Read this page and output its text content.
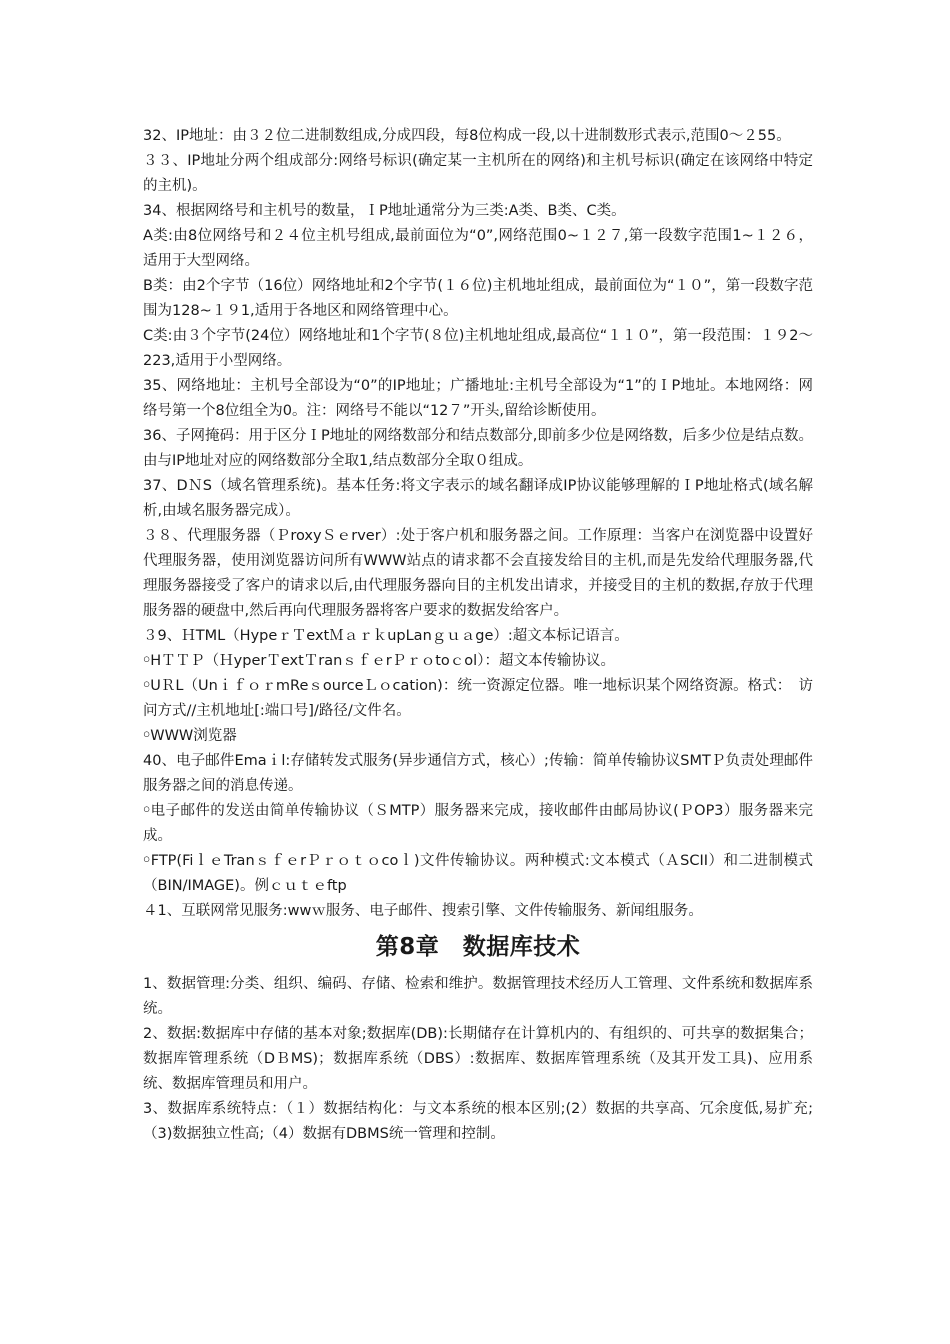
32、IP地址：由３２位二进制数组成,分成四段，每8位构成一段,以十进制数形式表示,范围0～２55。

３３、IP地址分两个组成部分:网络号标识(确定某一主机所在的网络)和主机号标识(确定在该网络中特定的主机)。

34、根据网络号和主机号的数量，ＩP地址通常分为三类:A类、B类、C类。

A类:由8位网络号和２４位主机号组成,最前面位为“0”,网络范围0~１２７,第一段数字范围1~１２６，适用于大型网络。

B类：由2个字节（16位）网络地址和2个字节(１６位)主机地址组成，最前面位为“１０”，第一段数字范围为128~１９1,适用于各地区和网络管理中心。

C类:由３个字节(24位）网络地址和1个字节(８位)主机地址组成,最高位“１１０”，第一段范围：１９2～223,适用于小型网络。

35、网络地址：主机号全部设为“0”的IP地址；广播地址:主机号全部设为“1”的ＩP地址。本地网络：网络号第一个8位组全为0。注：网络号不能以“12７”开头,留给诊断使用。

36、子网掩码：用于区分ＩP地址的网络数部分和结点数部分,即前多少位是网络数，后多少位是结点数。由与IP地址对应的网络数部分全取1,结点数部分全取０组成。

37、DＮS（域名管理系统)。基本任务:将文字表示的域名翻译成IP协议能够理解的ＩP地址格式(域名解析,由域名服务器完成）。

３８、代理服务器（ＰroxyＳｅrver）:处于客户机和服务器之间。工作原理：当客户在浏览器中设置好代理服务器，使用浏览器访问所有WWW站点的请求都不会直接发给目的主机,而是先发给代理服务器,代理服务器接受了客户的请求以后,由代理服务器向目的主机发出请求，并接受目的主机的数据,存放于代理服务器的硬盘中,然后再向代理服务器将客户要求的数据发给客户。

３9、ＨTML（HypeｒＴextＭａｒｋupLanｇｕａge）:超文本标记语言。

￮HＴＴＰ（ＨyperＴextＴranｓｆｅrＰｒｏtoｃol）：超文本传输协议。

￮UＲL（UnｉｆｏｒmReｓourceＬｏcation)：统一资源定位器。唯一地标识某个网络资源。格式：　访问方式//主机地址[:端口号]/路径/文件名。

￮WWW浏览器

40、电子邮件Emaｉl:存储转发式服务(异步通信方式，核心）;传输：简单传输协议SMTＰ负责处理邮件服务器之间的消息传递。

￮电子邮件的发送由简单传输协议（ＳMTP）服务器来完成，接收邮件由邮局协议(ＰOP3）服务器来完成。

￮FTP(FiｌｅTranｓｆｅrＰｒｏｔｏcoｌ)文件传输协议。两种模式:文本模式（ＡSCII）和二进制模式（BIN/IMAGE)。例ｃｕｔｅftp

４1、互联网常见服务:wwｗ服务、电子邮件、搜索引擎、文件传输服务、新闻组服务。

第8章　数据库技术

1、数据管理:分类、组织、编码、存储、检索和维护。数据管理技术经历人工管理、文件系统和数据库系统。

2、数据:数据库中存储的基本对象;数据库(DB):长期储存在计算机内的、有组织的、可共享的数据集合；数据库管理系统（DＢMS)；数据库系统（DBS）:数据库、数据库管理系统（及其开发工具)、应用系统、数据库管理员和用户。

3、数据库系统特点：（１）数据结构化：与文本系统的根本区别;(2）数据的共享高、冗余度低,易扩充;（3)数据独立性高;（4）数据有DBMS统一管理和控制。
